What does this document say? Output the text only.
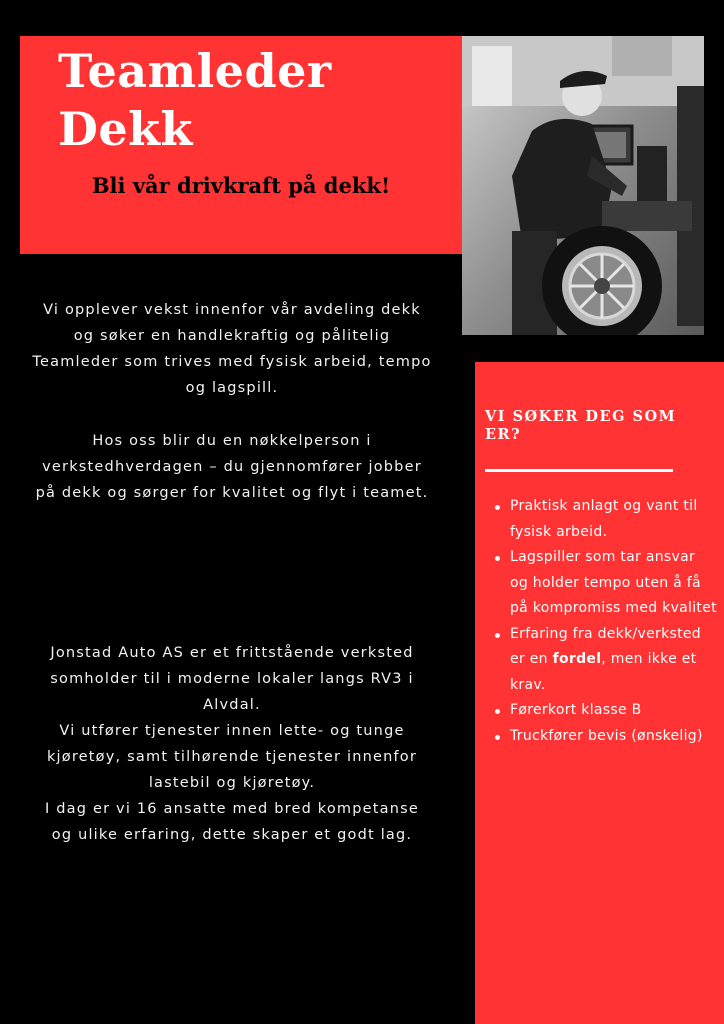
Teamleder
Dekk

Bli vår drivkraft på dekk!

Vi opplever vekst innenfor vår avdeling dekk og søker en handlekraftig og pålitelig Teamleder som trives med fysisk arbeid, tempo og lagspill.

Hos oss blir du en nøkkelperson i verkstedhverdagen – du gjennomfører jobber på dekk og sørger for kvalitet og flyt i teamet.

Jonstad Auto AS er et frittstående verksted somholder til i moderne lokaler langs RV3 i Alvdal.

Vi utfører tjenester innen lette- og tunge kjøretøy, samt tilhørende tjenester innenfor lastebil og kjøretøy.

I dag er vi 16 ansatte med bred kompetanse og ulike erfaring, dette skaper et godt lag.

VI SØKER DEG SOM ER?
Praktisk anlagt og vant til fysisk arbeid.
Lagspiller som tar ansvar og holder tempo uten å få på kompromiss med kvalitet
Erfaring fra dekk/verksted er en fordel, men ikke et krav.
Førerkort klasse B
Truckfører bevis (ønskelig)
